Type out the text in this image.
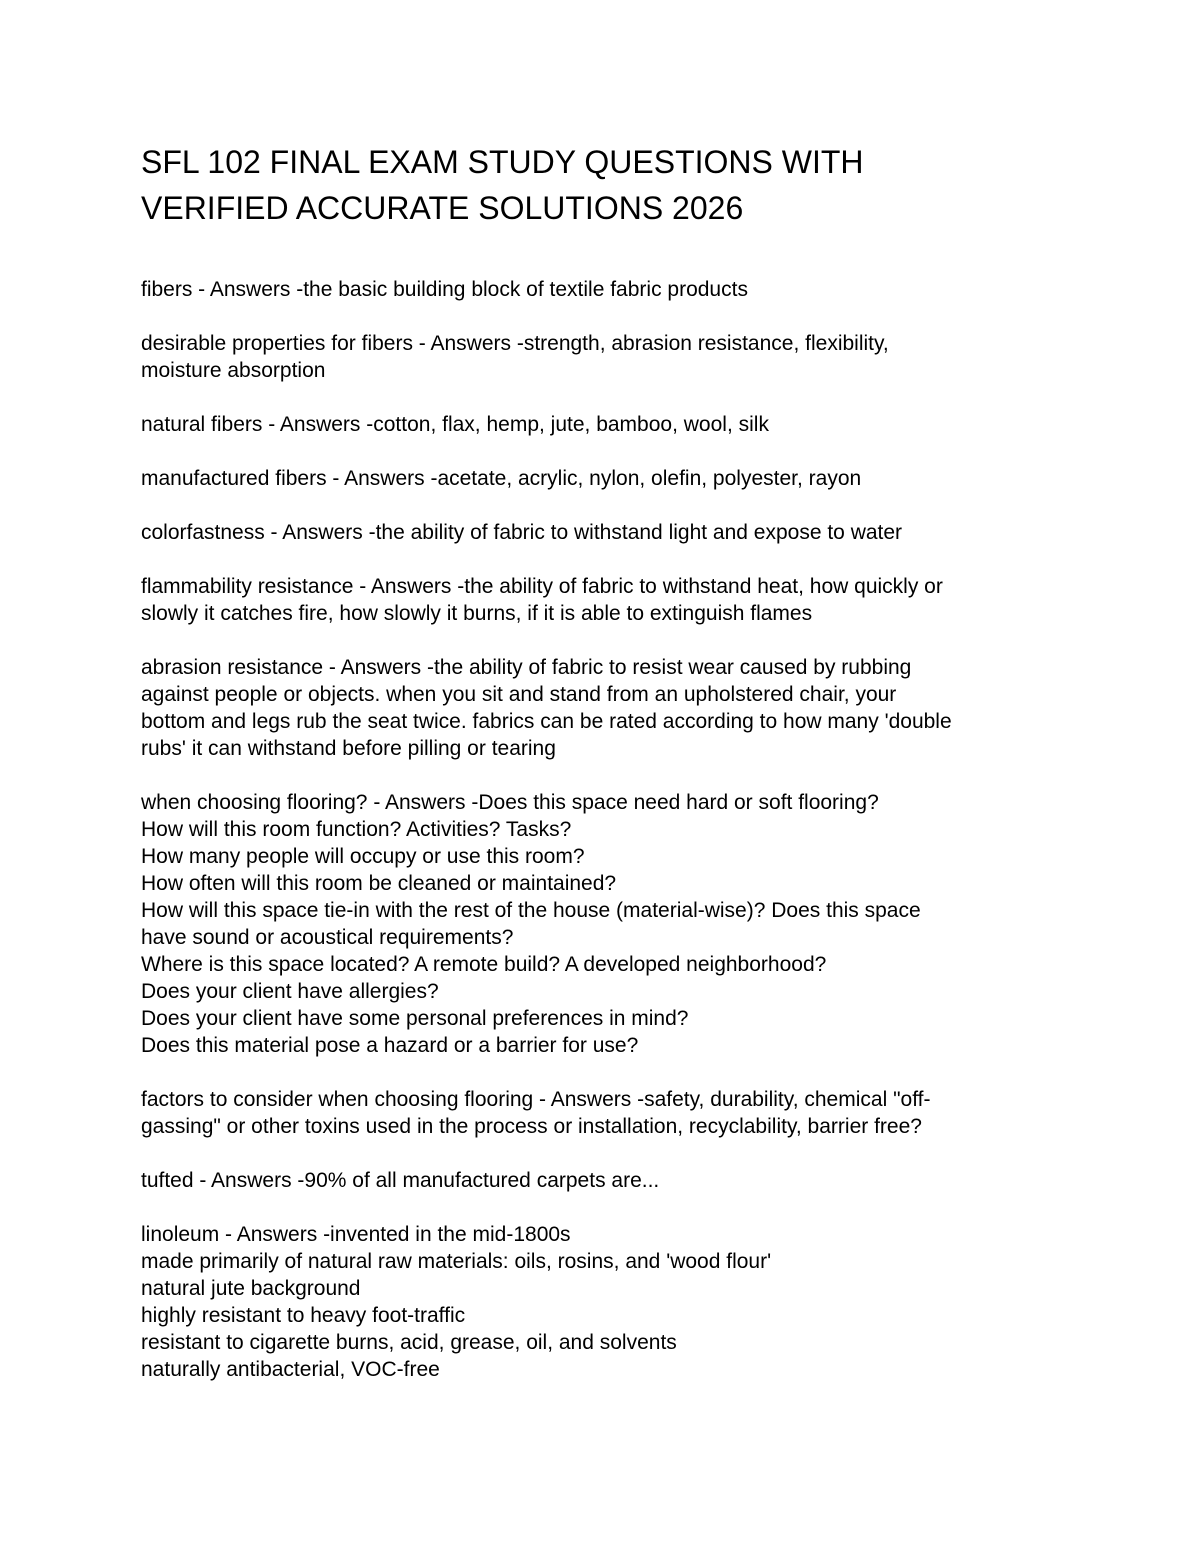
SFL 102 FINAL EXAM STUDY QUESTIONS WITH
VERIFIED ACCURATE SOLUTIONS 2026
fibers - Answers -the basic building block of textile fabric products
desirable properties for fibers - Answers -strength, abrasion resistance, flexibility,
moisture absorption
natural fibers - Answers -cotton, flax, hemp, jute, bamboo, wool, silk
manufactured fibers - Answers -acetate, acrylic, nylon, olefin, polyester, rayon
colorfastness - Answers -the ability of fabric to withstand light and expose to water
flammability resistance - Answers -the ability of fabric to withstand heat, how quickly or
slowly it catches fire, how slowly it burns, if it is able to extinguish flames
abrasion resistance - Answers -the ability of fabric to resist wear caused by rubbing
against people or objects. when you sit and stand from an upholstered chair, your
bottom and legs rub the seat twice. fabrics can be rated according to how many 'double
rubs' it can withstand before pilling or tearing
when choosing flooring? - Answers -Does this space need hard or soft flooring?
How will this room function? Activities? Tasks?
How many people will occupy or use this room?
How often will this room be cleaned or maintained?
How will this space tie-in with the rest of the house (material-wise)? Does this space
have sound or acoustical requirements?
Where is this space located? A remote build? A developed neighborhood?
Does your client have allergies?
Does your client have some personal preferences in mind?
Does this material pose a hazard or a barrier for use?
factors to consider when choosing flooring - Answers -safety, durability, chemical "off-
gassing" or other toxins used in the process or installation, recyclability, barrier free?
tufted - Answers -90% of all manufactured carpets are...
linoleum - Answers -invented in the mid-1800s
made primarily of natural raw materials: oils, rosins, and 'wood flour'
natural jute background
highly resistant to heavy foot-traffic
resistant to cigarette burns, acid, grease, oil, and solvents
naturally antibacterial, VOC-free
